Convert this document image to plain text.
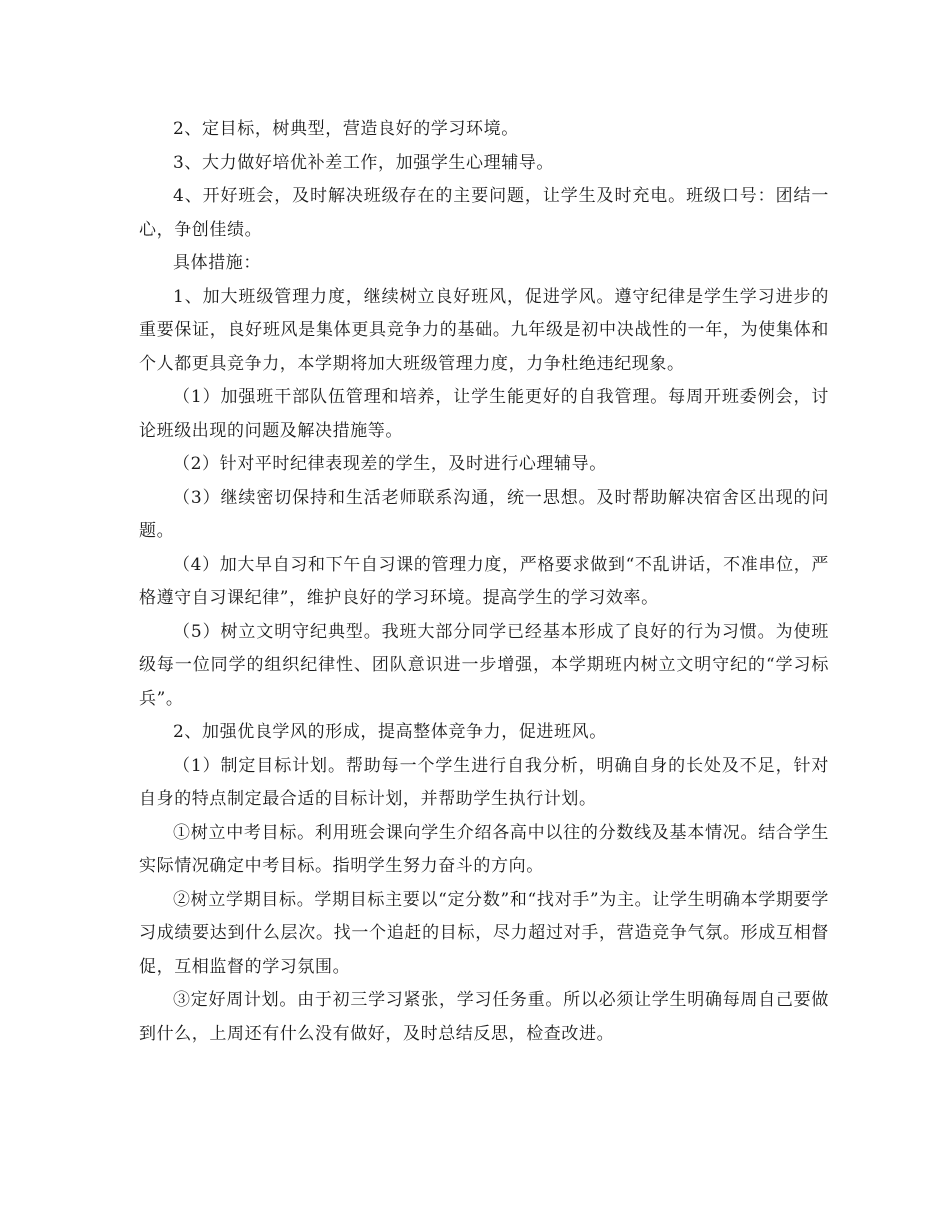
2、定目标，树典型，营造良好的学习环境。

3、大力做好培优补差工作，加强学生心理辅导。

4、开好班会，及时解决班级存在的主要问题，让学生及时充电。班级口号：团结一心，争创佳绩。

具体措施：

1、加大班级管理力度，继续树立良好班风，促进学风。遵守纪律是学生学习进步的重要保证，良好班风是集体更具竞争力的基础。九年级是初中决战性的一年，为使集体和个人都更具竞争力，本学期将加大班级管理力度，力争杜绝违纪现象。

（1）加强班干部队伍管理和培养，让学生能更好的自我管理。每周开班委例会，讨论班级出现的问题及解决措施等。

（2）针对平时纪律表现差的学生，及时进行心理辅导。

（3）继续密切保持和生活老师联系沟通，统一思想。及时帮助解决宿舍区出现的问题。

（4）加大早自习和下午自习课的管理力度，严格要求做到“不乱讲话，不准串位，严格遵守自习课纪律”，维护良好的学习环境。提高学生的学习效率。

（5）树立文明守纪典型。我班大部分同学已经基本形成了良好的行为习惯。为使班级每一位同学的组织纪律性、团队意识进一步增强，本学期班内树立文明守纪的“学习标兵”。

2、加强优良学风的形成，提高整体竞争力，促进班风。

（1）制定目标计划。帮助每一个学生进行自我分析，明确自身的长处及不足，针对自身的特点制定最合适的目标计划，并帮助学生执行计划。

①树立中考目标。利用班会课向学生介绍各高中以往的分数线及基本情况。结合学生实际情况确定中考目标。指明学生努力奋斗的方向。

②树立学期目标。学期目标主要以“定分数”和“找对手”为主。让学生明确本学期要学习成绩要达到什么层次。找一个追赶的目标，尽力超过对手，营造竞争气氛。形成互相督促，互相监督的学习氛围。

③定好周计划。由于初三学习紧张，学习任务重。所以必须让学生明确每周自己要做到什么，上周还有什么没有做好，及时总结反思，检查改进。
